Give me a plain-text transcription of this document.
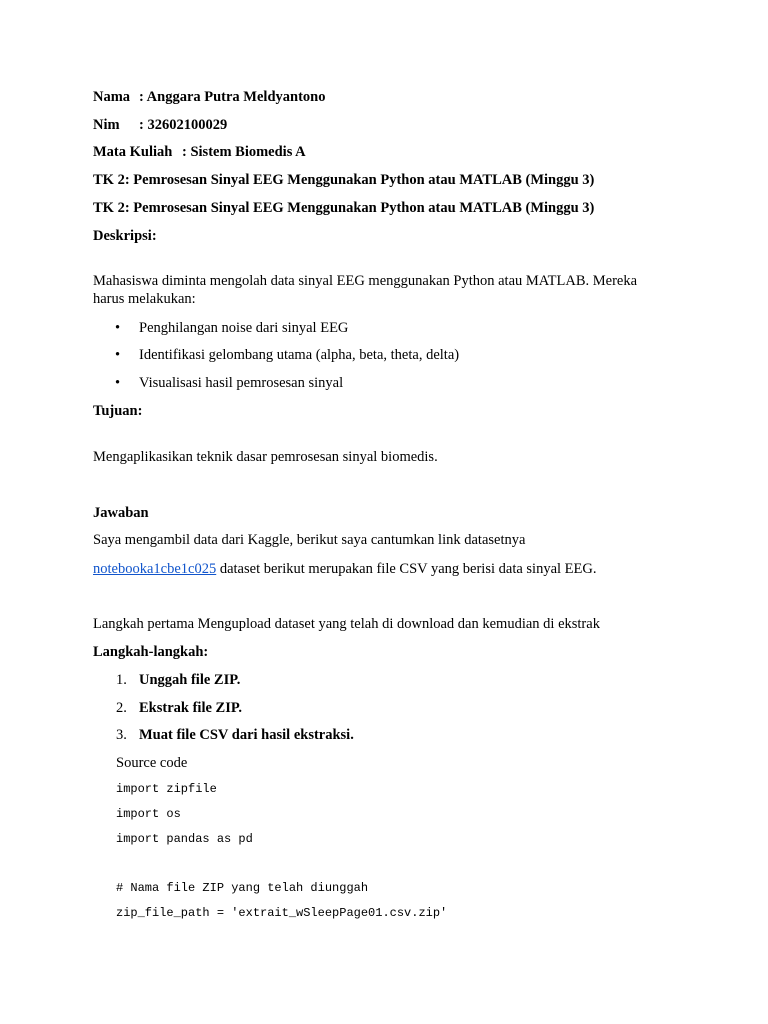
Nama : Anggara Putra Meldyantono
Nim : 32602100029
Mata Kuliah : Sistem Biomedis A
TK 2: Pemrosesan Sinyal EEG Menggunakan Python atau MATLAB (Minggu 3)
TK 2: Pemrosesan Sinyal EEG Menggunakan Python atau MATLAB (Minggu 3)
Deskripsi:
Mahasiswa diminta mengolah data sinyal EEG menggunakan Python atau MATLAB. Mereka
harus melakukan:
• Penghilangan noise dari sinyal EEG
• Identifikasi gelombang utama (alpha, beta, theta, delta)
• Visualisasi hasil pemrosesan sinyal
Tujuan:
Mengaplikasikan teknik dasar pemrosesan sinyal biomedis.
Jawaban
Saya mengambil data dari Kaggle, berikut saya cantumkan link datasetnya
notebooka1cbe1c025 dataset berikut merupakan file CSV yang berisi data sinyal EEG.
Langkah pertama Mengupload dataset yang telah di download dan kemudian di ekstrak
Langkah-langkah:
1. Unggah file ZIP.
2. Ekstrak file ZIP.
3. Muat file CSV dari hasil ekstraksi.
Source code
import zipfile
import os
import pandas as pd
# Nama file ZIP yang telah diunggah
zip_file_path = 'extrait_wSleepPage01.csv.zip'
